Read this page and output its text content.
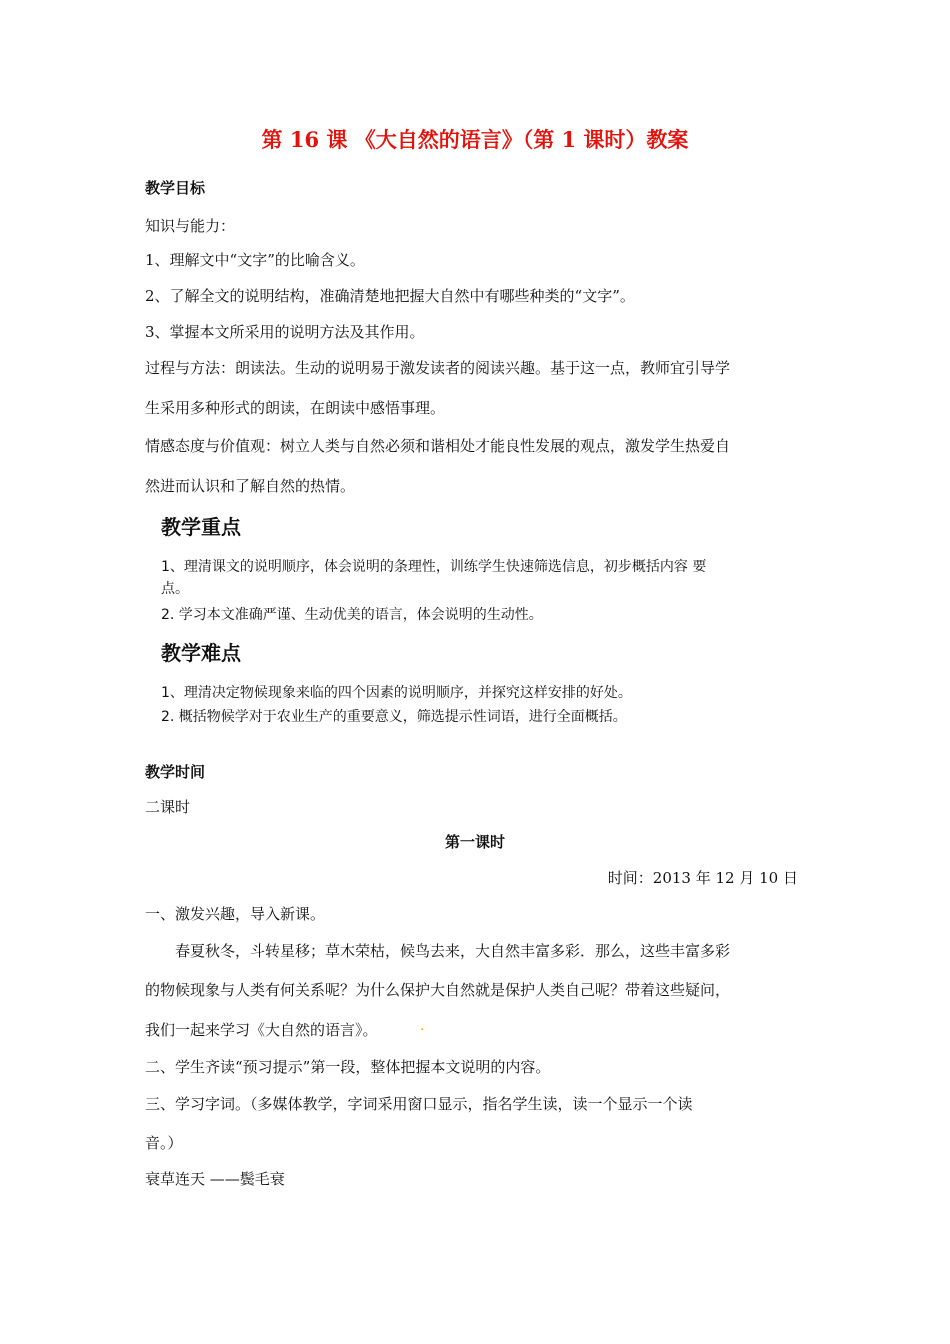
第 16 课 《大自然的语言》（第 1 课时）教案
教学目标
知识与能力：
1、理解文中“文字”的比喻含义。
2、了解全文的说明结构，准确清楚地把握大自然中有哪些种类的“文字”。
3、掌握本文所采用的说明方法及其作用。
过程与方法：朗读法。生动的说明易于激发读者的阅读兴趣。基于这一点，教师宜引导学
生采用多种形式的朗读，在朗读中感悟事理。
情感态度与价值观：树立人类与自然必须和谐相处才能良性发展的观点，激发学生热爱自
然进而认识和了解自然的热情。
教学重点
1、理清课文的说明顺序，体会说明的条理性，训练学生快速筛选信息，初步概括内容 要
点。
2. 学习本文准确严谨、生动优美的语言，体会说明的生动性。
教学难点
1、理清决定物候现象来临的四个因素的说明顺序，并探究这样安排的好处。
2. 概括物候学对于农业生产的重要意义，筛选提示性词语，进行全面概括。
教学时间
二课时
第一课时
时间：2013 年 12 月 10 日
一、激发兴趣，导入新课。
春夏秋冬，斗转星移；草木荣枯，候鸟去来，大自然丰富多彩．那么，这些丰富多彩
的物候现象与人类有何关系呢？为什么保护大自然就是保护人类自己呢？带着这些疑问，
我们一起来学习《大自然的语言》。	.
二、学生齐读“预习提示”第一段，整体把握本文说明的内容。
三、学习字词。（多媒体教学，字词采用窗口显示，指名学生读，读一个显示一个读
音。）
衰草连天 ——鬓毛衰
